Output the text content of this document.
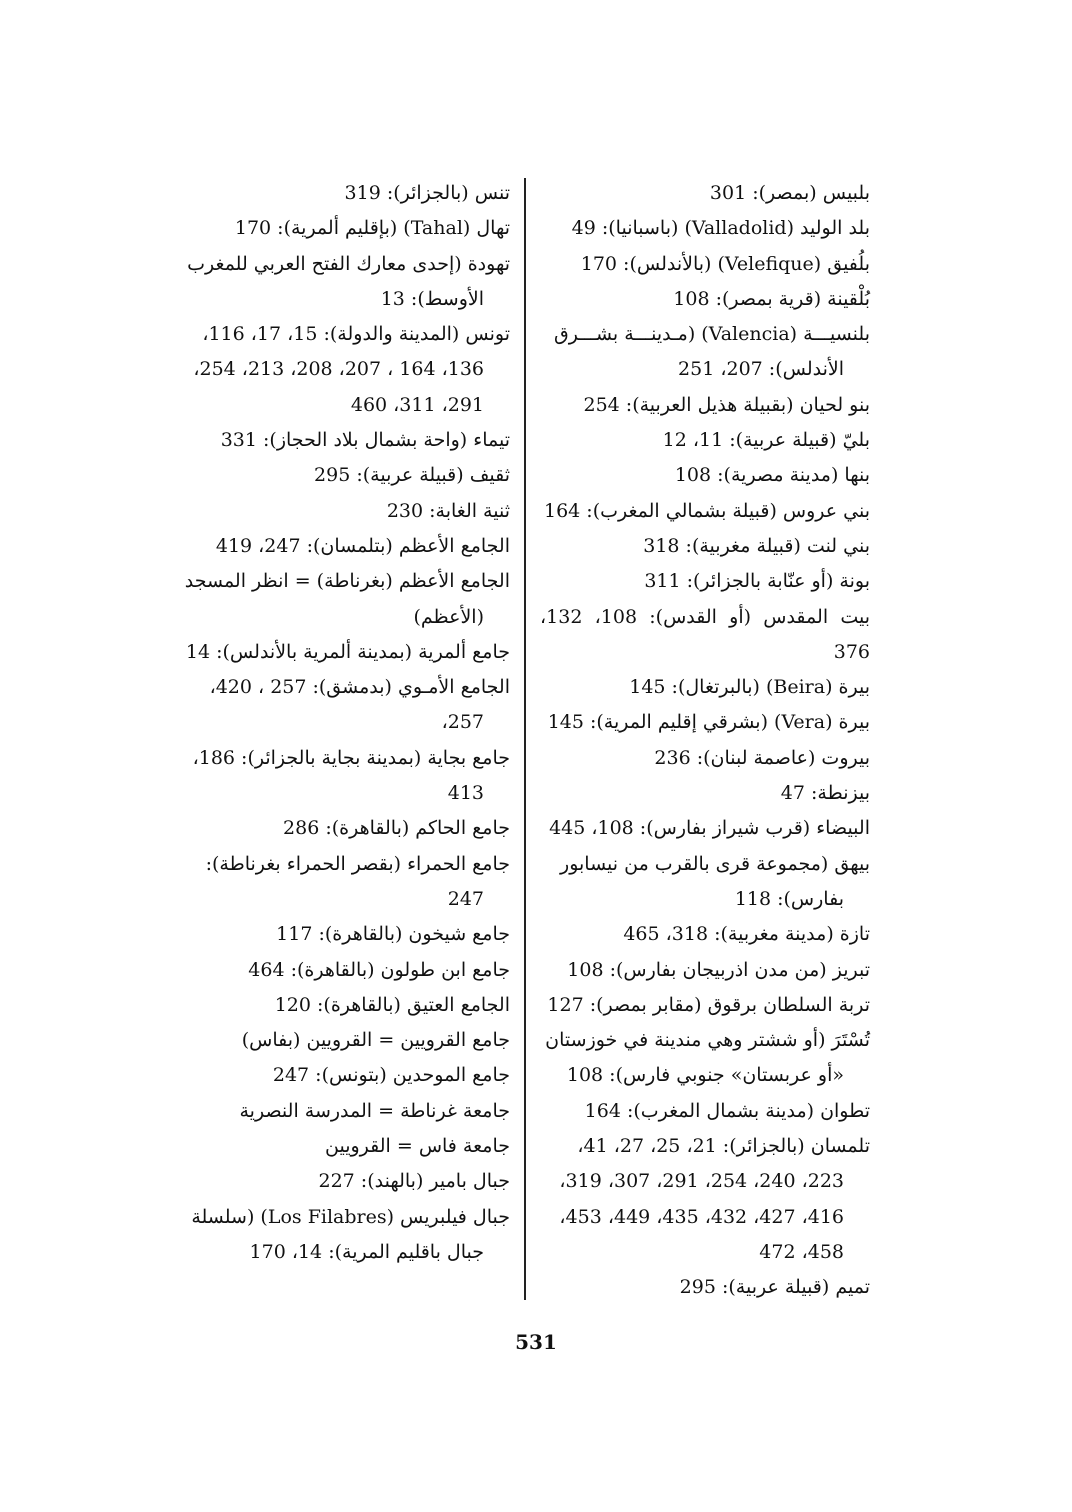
بلبيس (بمصر): 301
بلد الوليد (Valladolid) (باسبانيا): 49
بلُفيق (Velefique) (بالأندلس): 170
بُلْقينة (قرية بمصر): 108
بلنسيـــة (Valencia) (مـدينـــة بشـــرق
الأندلس): 207، 251
بنو لحيان (بقبيلة هذيل العربية): 254
بليّ (قبيلة عربية): 11، 12
بنها (مدينة مصرية): 108
بني عروس (قبيلة بشمالي المغرب): 164
بني لنت (قبيلة مغربية): 318
بونة (أو عنّابة بالجزائر): 311
بيت المقدس (أو القدس): 108، 132، 376
بيرة (Beira) (بالبرتغال): 145
بيرة (Vera) (بشرقي إقليم المرية): 145
بيروت (عاصمة لبنان): 236
بيزنطة: 47
البيضاء (قرب شيراز بفارس): 108، 445
بيهق (مجموعة قرى بالقرب من نيسابور
بفارس): 118
تازة (مدينة مغربية): 318، 465
تبريز (من مدن اذربيجان بفارس): 108
تربة السلطان برقوق (مقابر بمصر): 127
تُسْتَرَ (أو ششتر وهي مندينة في خوزستان
«أو عربستان» جنوبي فارس): 108
تطوان (مدينة بشمال المغرب): 164
تلمسان (بالجزائر): 21، 25، 27، 41،
223، 240، 254، 291، 307، 319،
416، 427، 432، 435، 449، 453، 458، 472
تميم (قبيلة عربية): 295
تنس (بالجزائر): 319
تهال (Tahal) (بإقليم ألمرية): 170
تهودة (إحدى معارك الفتح العربي للمغرب
الأوسط): 13
تونس (المدينة والدولة): 15، 17، 116،
136، 164 ، 207، 208، 213، 254،
291، 311، 460
تيماء (واحة بشمال بلاد الحجاز): 331
ثقيف (قبيلة عربية): 295
ثنية الغابة: 230
الجامع الأعظم (بتلمسان): 247، 419
الجامع الأعظم (بغرناطة) = انظر المسجد
(الأعظم)
جامع ألمرية (بمدينة ألمرية بالأندلس): 14
الجامع الأمـوي (بدمشق): 257 ، 420،
257،
جامع بجاية (بمدينة بجاية بالجزائر): 186،
413
جامع الحاكم (بالقاهرة): 286
جامع الحمراء (بقصر الحمراء بغرناطة):
247
جامع شيخون (بالقاهرة): 117
جامع ابن طولون (بالقاهرة): 464
الجامع العتيق (بالقاهرة): 120
جامع القرويين = القرويين (بفاس)
جامع الموحدين (بتونس): 247
جامعة غرناطة = المدرسة النصرية
جامعة فاس = القرويين
جبال بامير (بالهند): 227
جبال فيلبريس (Los Filabres) (سلسلة
جبال باقليم المرية): 14، 170
531
